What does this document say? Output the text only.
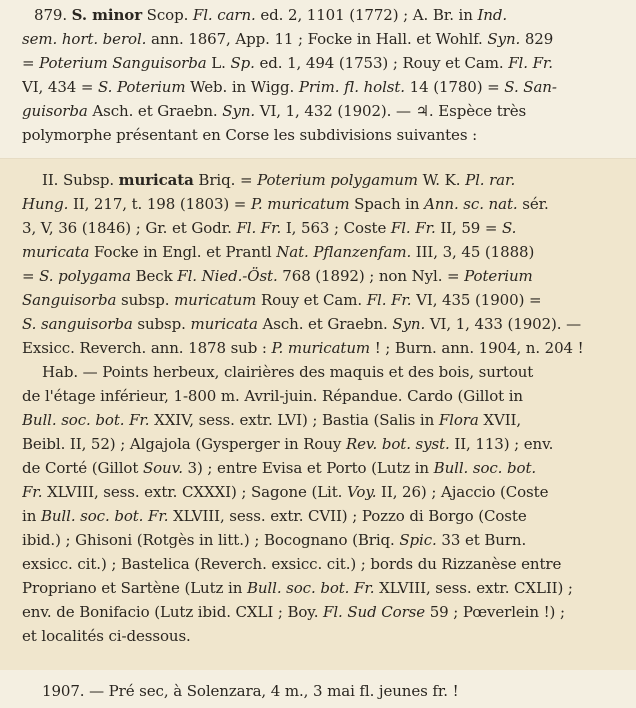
879. S. minor Scop. Fl. carn. ed. 2, 1101 (1772) ; A. Br. in Ind.
sem. hort. berol. ann. 1867, App. 11 ; Focke in Hall. et Wohlf. Syn. 829
= Poterium Sanguisorba L. Sp. ed. 1, 494 (1753) ; Rouy et Cam. Fl. Fr.
VI, 434 = S. Poterium Web. in Wigg. Prim. fl. holst. 14 (1780) = S. San-
guisorba Asch. et Graebn. Syn. VI, 1, 432 (1902). — ♃. Espèce très
polymorphe présentant en Corse les subdivisions suivantes :
II. Subsp. muricata Briq. = Poterium polygamum W. K. Pl. rar.
Hung. II, 217, t. 198 (1803) = P. muricatum Spach in Ann. sc. nat. sér.
3, V, 36 (1846) ; Gr. et Godr. Fl. Fr. I, 563 ; Coste Fl. Fr. II, 59 = S.
muricata Focke in Engl. et Prantl Nat. Pflanzenfam. III, 3, 45 (1888)
= S. polygama Beck Fl. Nied.-Öst. 768 (1892) ; non Nyl. = Poterium
Sanguisorba subsp. muricatum Rouy et Cam. Fl. Fr. VI, 435 (1900) =
S. sanguisorba subsp. muricata Asch. et Graebn. Syn. VI, 1, 433 (1902). —
Exsicc. Reverch. ann. 1878 sub : P. muricatum ! ; Burn. ann. 1904, n. 204 !
Hab. — Points herbeux, clairières des maquis et des bois, surtout
de l'étage inférieur, 1-800 m. Avril-juin. Répandue. Cardo (Gillot in
Bull. soc. bot. Fr. XXIV, sess. extr. LVI) ; Bastia (Salis in Flora XVII,
Beibl. II, 52) ; Algajola (Gysperger in Rouy Rev. bot. syst. II, 113) ; env.
de Corté (Gillot Souv. 3) ; entre Evisa et Porto (Lutz in Bull. soc. bot.
Fr. XLVIII, sess. extr. CXXXI) ; Sagone (Lit. Voy. II, 26) ; Ajaccio (Coste
in Bull. soc. bot. Fr. XLVIII, sess. extr. CVII) ; Pozzo di Borgo (Coste
ibid.) ; Ghisoni (Rotgès in litt.) ; Bocognano (Briq. Spic. 33 et Burn.
exsicc. cit.) ; Bastelica (Reverch. exsicc. cit.) ; bords du Rizzanèse entre
Propriano et Sartène (Lutz in Bull. soc. bot. Fr. XLVIII, sess. extr. CXLII) ;
env. de Bonifacio (Lutz ibid. CXLI ; Boy. Fl. Sud Corse 59 ; Pœverlein !) ;
et localités ci-dessous.
1907. — Pré sec, à Solenzara, 4 m., 3 mai fl. jeunes fr. !
